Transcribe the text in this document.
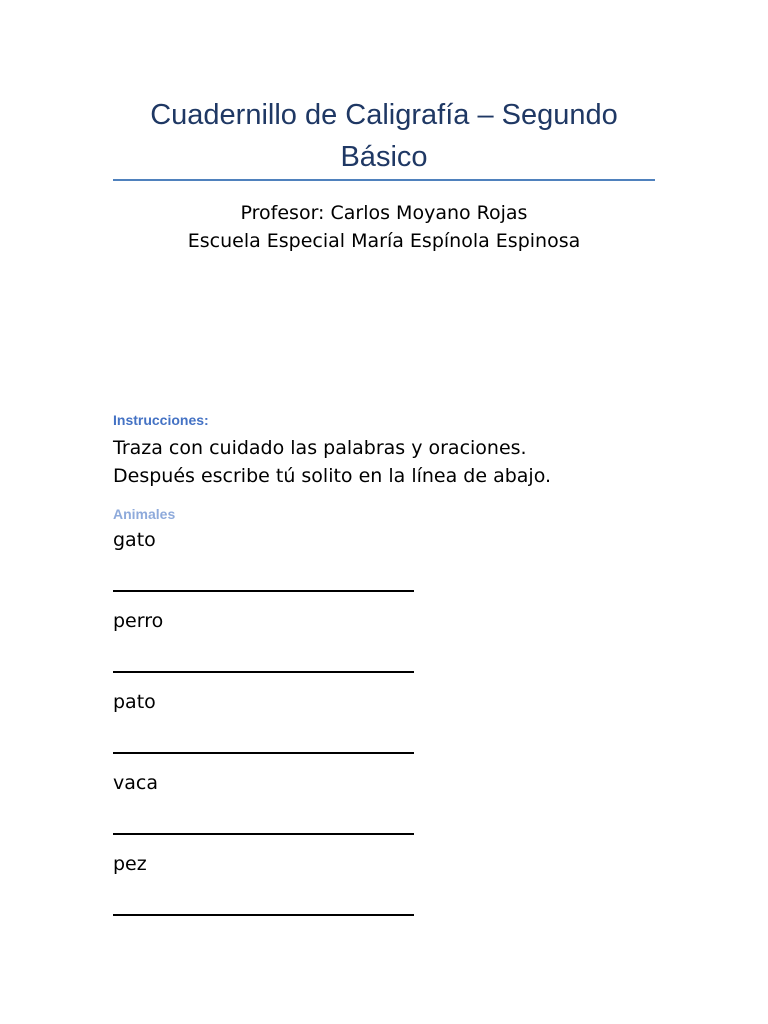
Cuadernillo de Caligrafía – Segundo Básico
Profesor: Carlos Moyano Rojas
Escuela Especial María Espínola Espinosa
Instrucciones:
Traza con cuidado las palabras y oraciones.
Después escribe tú solito en la línea de abajo.
Animales
gato
perro
pato
vaca
pez
